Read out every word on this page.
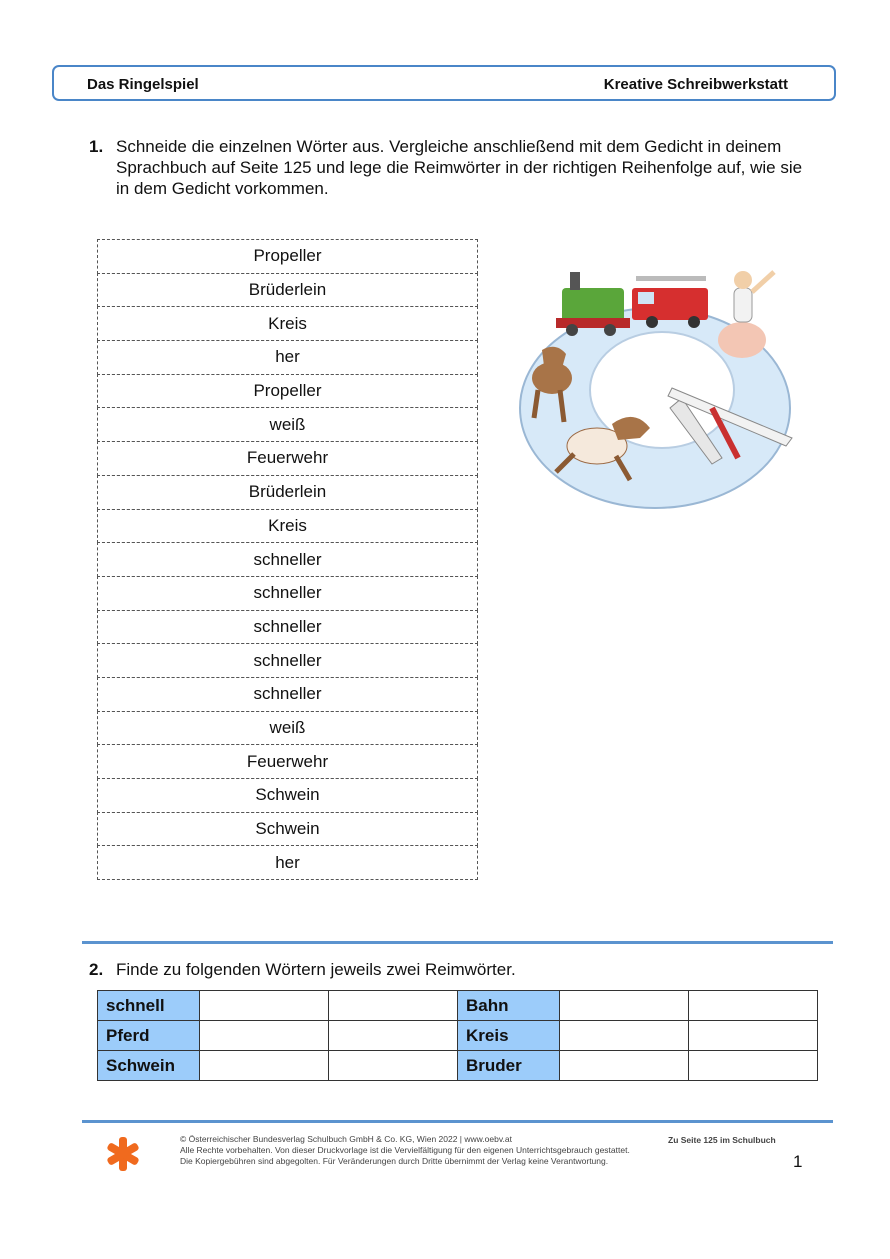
Das Ringelspiel	Kreative Schreibwerkstatt
1. Schneide die einzelnen Wörter aus. Vergleiche anschließend mit dem Gedicht in deinem Sprachbuch auf Seite 125 und lege die Reimwörter in der richtigen Reihenfolge auf, wie sie in dem Gedicht vorkommen.
Propeller
Brüderlein
Kreis
her
Propeller
weiß
Feuerwehr
Brüderlein
Kreis
schneller
schneller
schneller
schneller
schneller
weiß
Feuerwehr
Schwein
Schwein
her
2. Finde zu folgenden Wörtern jeweils zwei Reimwörter.
schnell			Bahn		
Pferd			Kreis		
Schwein			Bruder		
© Österreichischer Bundesverlag Schulbuch GmbH & Co. KG, Wien 2022 | www.oebv.at
Alle Rechte vorbehalten. Von dieser Druckvorlage ist die Vervielfältigung für den eigenen Unterrichtsgebrauch gestattet.
Die Kopiergebühren sind abgegolten. Für Veränderungen durch Dritte übernimmt der Verlag keine Verantwortung.
Zu Seite 125 im Schulbuch
1
